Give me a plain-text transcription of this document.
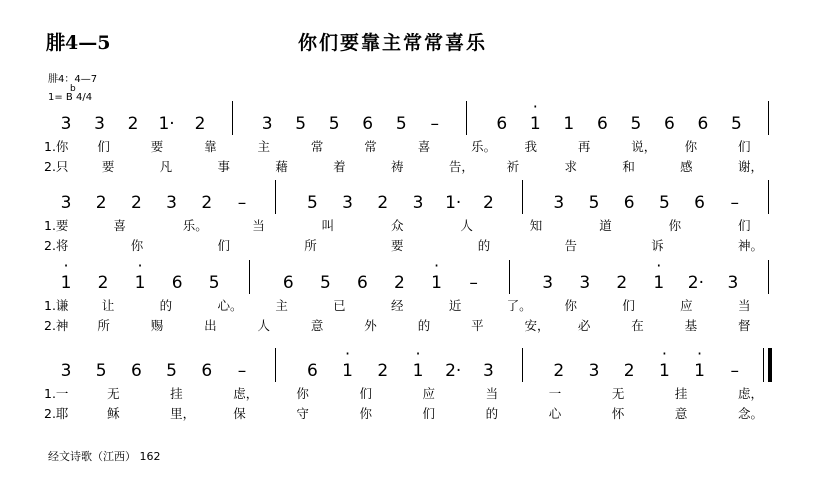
腓4—5	你们要靠主常常喜乐
腓4：4—7
1= B 4/4
b
3 3 2 1· 2	3 5 5 6 5	–	6 · 1 1 6 5 6 6 5
1.你 们	要	靠	主	常	常	喜	乐。 我	再	说， 你	们
2.只	要	凡	事	藉	着	祷	告，	祈	求	和	感	谢，
3 2 2 3 2	–	5 3 2 3 1· 2	3 5 6 5 6	–
1.要	喜	乐。	当	叫	众	人	知	道	你	们
2.将	你	们	所	要	的	告	诉	神。
· 1 2 · 1 6 5	6 5 6 2 · 1	–	3 3 2 · 1 2· 3
1.谦	让	的	心。	主	已	经	近	了。	你	们	应	当
2.神 所	赐	出	人	意	外	的	平	安， 必	在	基	督
3 5 6 5 6	–	6 · 1 2 · 1 2· 3	2 3 2 · 1 · 1	–
1.一	无	挂	虑，	你	们	应	当	一	无	挂	虑，
2.耶	稣	里，	保	守	你	们	的	心	怀	意	念。
经文诗歌（江西） 162
